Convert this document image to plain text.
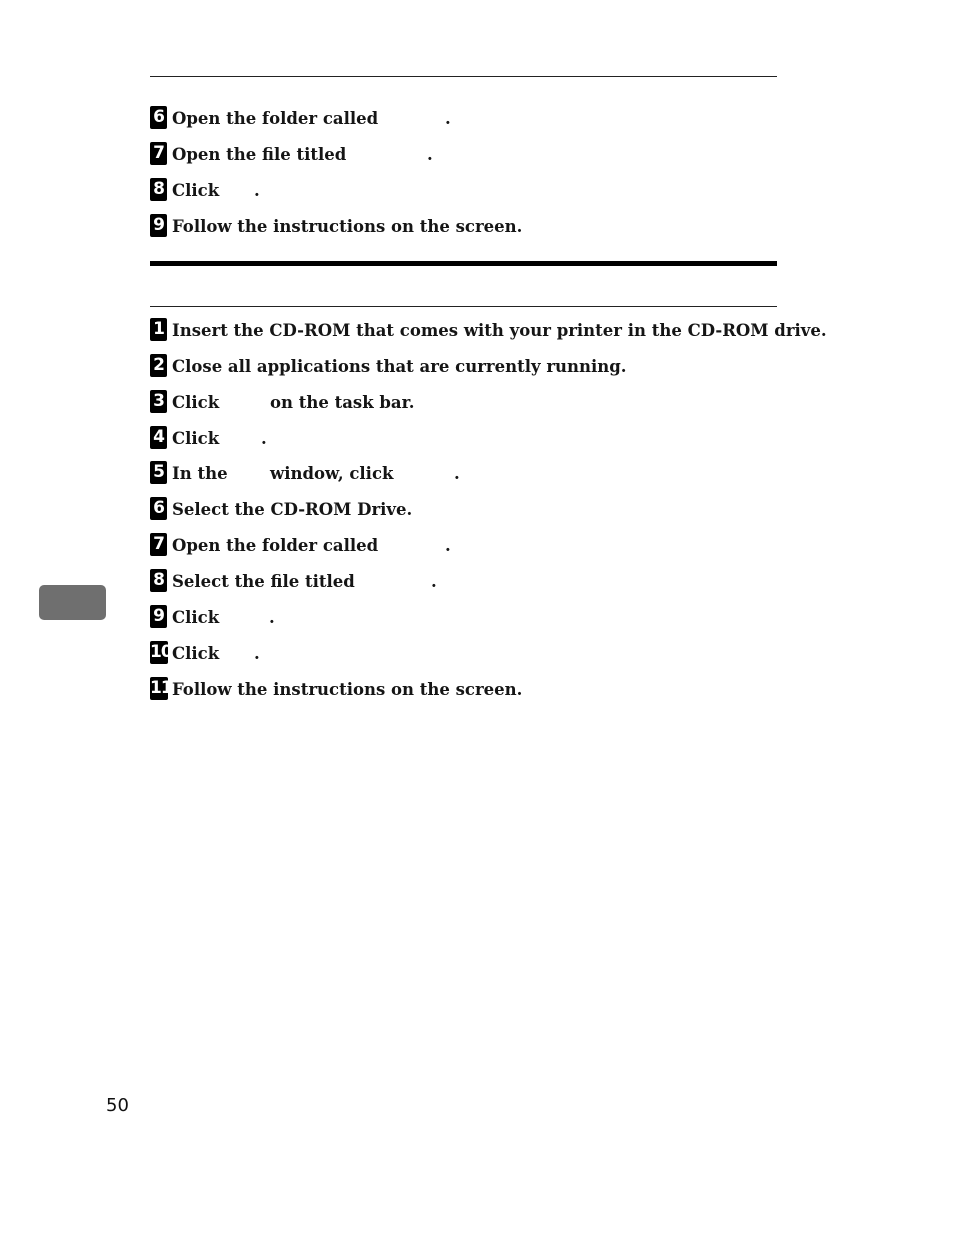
6 Open the folder called	.
7 Open the file titled	.
8 Click .
9 Follow the instructions on the screen.
1 Insert the CD-ROM that comes with your printer in the CD-ROM drive.
2 Close all applications that are currently running.
3 Click	on the task bar.
4 Click	.
5 In the	window, click	.
6 Select the CD-ROM Drive.
7 Open the folder called	.
8 Select the file titled	.
9 Click	.
10 Click .
11 Follow the instructions on the screen.
50
